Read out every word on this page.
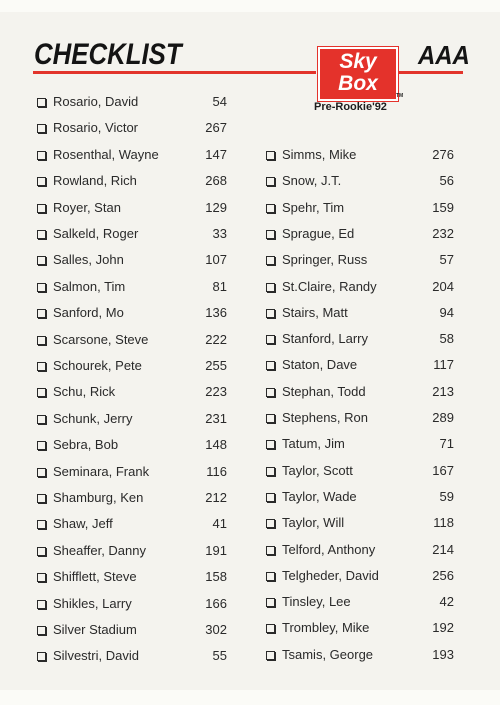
CHECKLIST	Sky
Box
TM
Pre-Rookie'92
AAA
Rosario, David	54
Rosario, Victor	267
Rosenthal, Wayne	147
Rowland, Rich	268
Royer, Stan	129
Salkeld, Roger	33
Salles, John	107
Salmon, Tim	81
Sanford, Mo	136
Scarsone, Steve	222
Schourek, Pete	255
Schu, Rick	223
Schunk, Jerry	231
Sebra, Bob	148
Seminara, Frank	116
Shamburg, Ken	212
Shaw, Jeff	41
Sheaffer, Danny	191
Shifflett, Steve	158
Shikles, Larry	166
Silver Stadium	302
Silvestri, David	55
Simms, Mike	276
Snow, J.T.	56
Spehr, Tim	159
Sprague, Ed	232
Springer, Russ	57
St.Claire, Randy	204
Stairs, Matt	94
Stanford, Larry	58
Staton, Dave	117
Stephan, Todd	213
Stephens, Ron	289
Tatum, Jim	71
Taylor, Scott	167
Taylor, Wade	59
Taylor, Will	118
Telford, Anthony	214
Telgheder, David	256
Tinsley, Lee	42
Trombley, Mike	192
Tsamis, George	193
